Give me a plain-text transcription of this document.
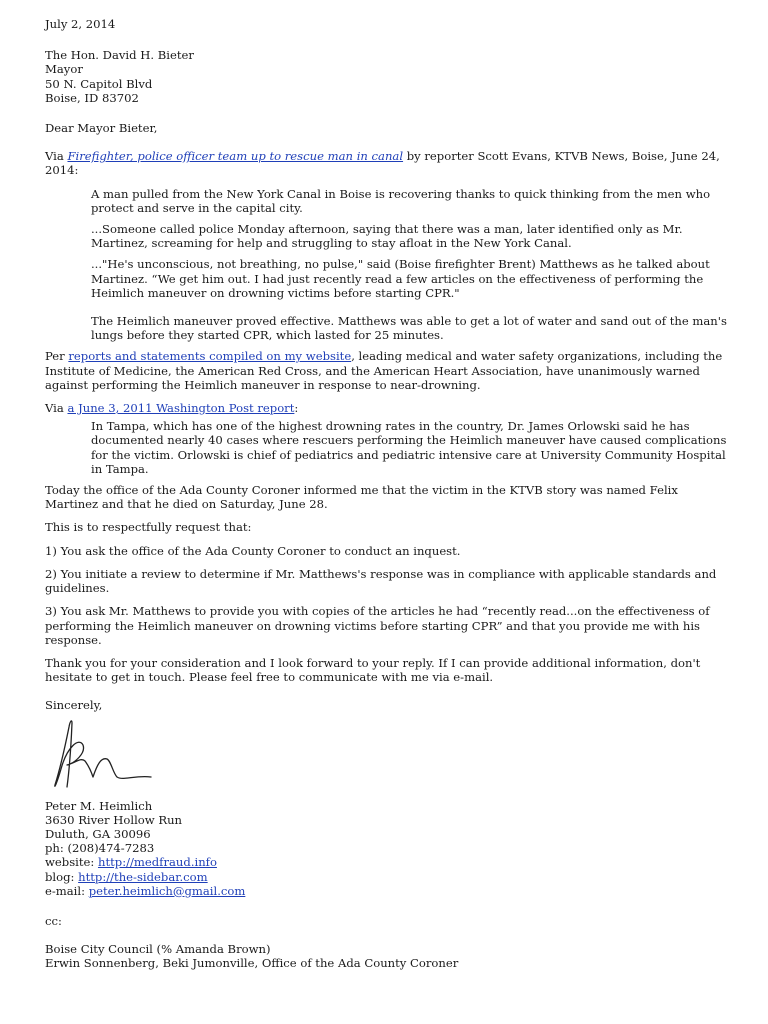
July 2, 2014

The Hon. David H. Bieter

Mayor

50 N. Capitol Blvd

Boise, ID 83702

Dear Mayor Bieter,

Via Firefighter, police officer team up to rescue man in canal by reporter Scott Evans, KTVB News, Boise, June 24, 2014:

A man pulled from the New York Canal in Boise is recovering thanks to quick thinking from the men who protect and serve in the capital city.

...Someone called police Monday afternoon, saying that there was a man, later identified only as Mr. Martinez, screaming for help and struggling to stay afloat in the New York Canal.

..."He's unconscious, not breathing, no pulse," said (Boise firefighter Brent) Matthews as he talked about Martinez. “We get him out. I had just recently read a few articles on the effectiveness of performing the Heimlich maneuver on drowning victims before starting CPR."

The Heimlich maneuver proved effective. Matthews was able to get a lot of water and sand out of the man's lungs before they started CPR, which lasted for 25 minutes.

Per reports and statements compiled on my website, leading medical and water safety organizations, including the Institute of Medicine, the American Red Cross, and the American Heart Association, have unanimously warned against performing the Heimlich maneuver in response to near-drowning.

Via a June 3, 2011 Washington Post report:

In Tampa, which has one of the highest drowning rates in the country, Dr. James Orlowski said he has documented nearly 40 cases where rescuers performing the Heimlich maneuver have caused complications for the victim. Orlowski is chief of pediatrics and pediatric intensive care at University Community Hospital in Tampa.

Today the office of the Ada County Coroner informed me that the victim in the KTVB story was named Felix Martinez and that he died on Saturday, June 28.

This is to respectfully request that:

1) You ask the office of the Ada County Coroner to conduct an inquest.

2) You initiate a review to determine if Mr. Matthews's response was in compliance with applicable standards and guidelines.

3) You ask Mr. Matthews to provide you with copies of the articles he had “recently read...on the effectiveness of performing the Heimlich maneuver on drowning victims before starting CPR” and that you provide me with his response.

Thank you for your consideration and I look forward to your reply. If I can provide additional information, don't hesitate to get in touch. Please feel free to communicate with me via e-mail.

Sincerely,

Peter M. Heimlich

3630 River Hollow Run

Duluth, GA 30096

ph: (208)474-7283

website: http://medfraud.info

blog: http://the-sidebar.com

e-mail: peter.heimlich@gmail.com

cc:

Boise City Council (% Amanda Brown)

Erwin Sonnenberg, Beki Jumonville, Office of the Ada County Coroner
